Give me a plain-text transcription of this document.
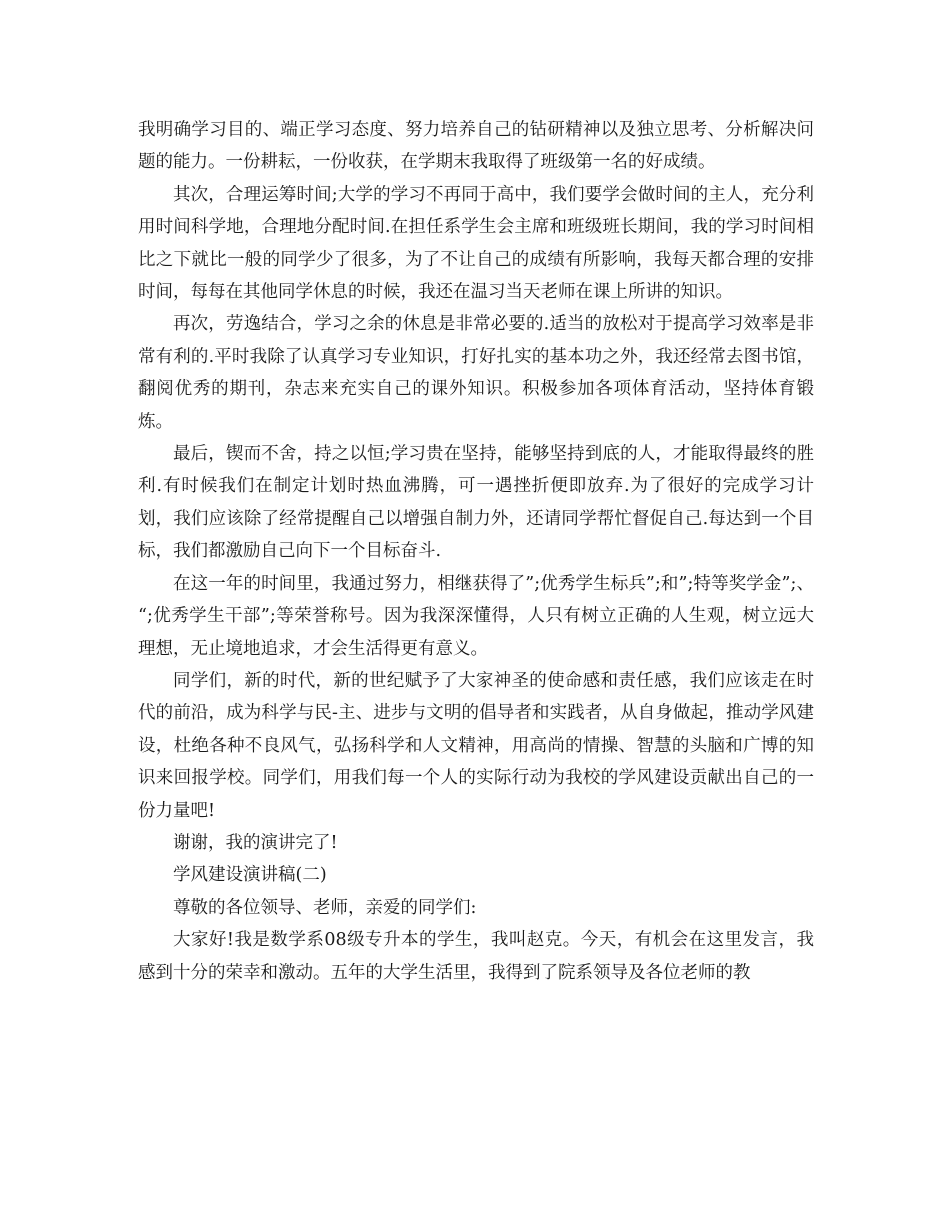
我明确学习目的、端正学习态度、努力培养自己的钻研精神以及独立思考、分析解决问题的能力。一份耕耘，一份收获，在学期末我取得了班级第一名的好成绩。

其次，合理运筹时间;大学的学习不再同于高中，我们要学会做时间的主人，充分利用时间科学地，合理地分配时间.在担任系学生会主席和班级班长期间，我的学习时间相比之下就比一般的同学少了很多，为了不让自己的成绩有所影响，我每天都合理的安排时间，每每在其他同学休息的时候，我还在温习当天老师在课上所讲的知识。

再次，劳逸结合，学习之余的休息是非常必要的.适当的放松对于提高学习效率是非常有利的.平时我除了认真学习专业知识，打好扎实的基本功之外，我还经常去图书馆，翻阅优秀的期刊，杂志来充实自己的课外知识。积极参加各项体育活动，坚持体育锻炼。

最后，锲而不舍，持之以恒;学习贵在坚持，能够坚持到底的人，才能取得最终的胜利.有时候我们在制定计划时热血沸腾，可一遇挫折便即放弃.为了很好的完成学习计划，我们应该除了经常提醒自己以增强自制力外，还请同学帮忙督促自己.每达到一个目标，我们都激励自己向下一个目标奋斗.

在这一年的时间里，我通过努力，相继获得了”;优秀学生标兵”;和”;特等奖学金”;、 “;优秀学生干部”;等荣誉称号。因为我深深懂得，人只有树立正确的人生观，树立远大理想，无止境地追求，才会生活得更有意义。

同学们，新的时代，新的世纪赋予了大家神圣的使命感和责任感，我们应该走在时代的前沿，成为科学与民-主、进步与文明的倡导者和实践者，从自身做起，推动学风建设，杜绝各种不良风气，弘扬科学和人文精神，用高尚的情操、智慧的头脑和广博的知识来回报学校。同学们，用我们每一个人的实际行动为我校的学风建设贡献出自己的一份力量吧!

谢谢，我的演讲完了!

学风建设演讲稿(二)

尊敬的各位领导、老师，亲爱的同学们:

大家好!我是数学系08级专升本的学生，我叫赵克。今天，有机会在这里发言，我感到十分的荣幸和激动。五年的大学生活里，我得到了院系领导及各位老师的教
